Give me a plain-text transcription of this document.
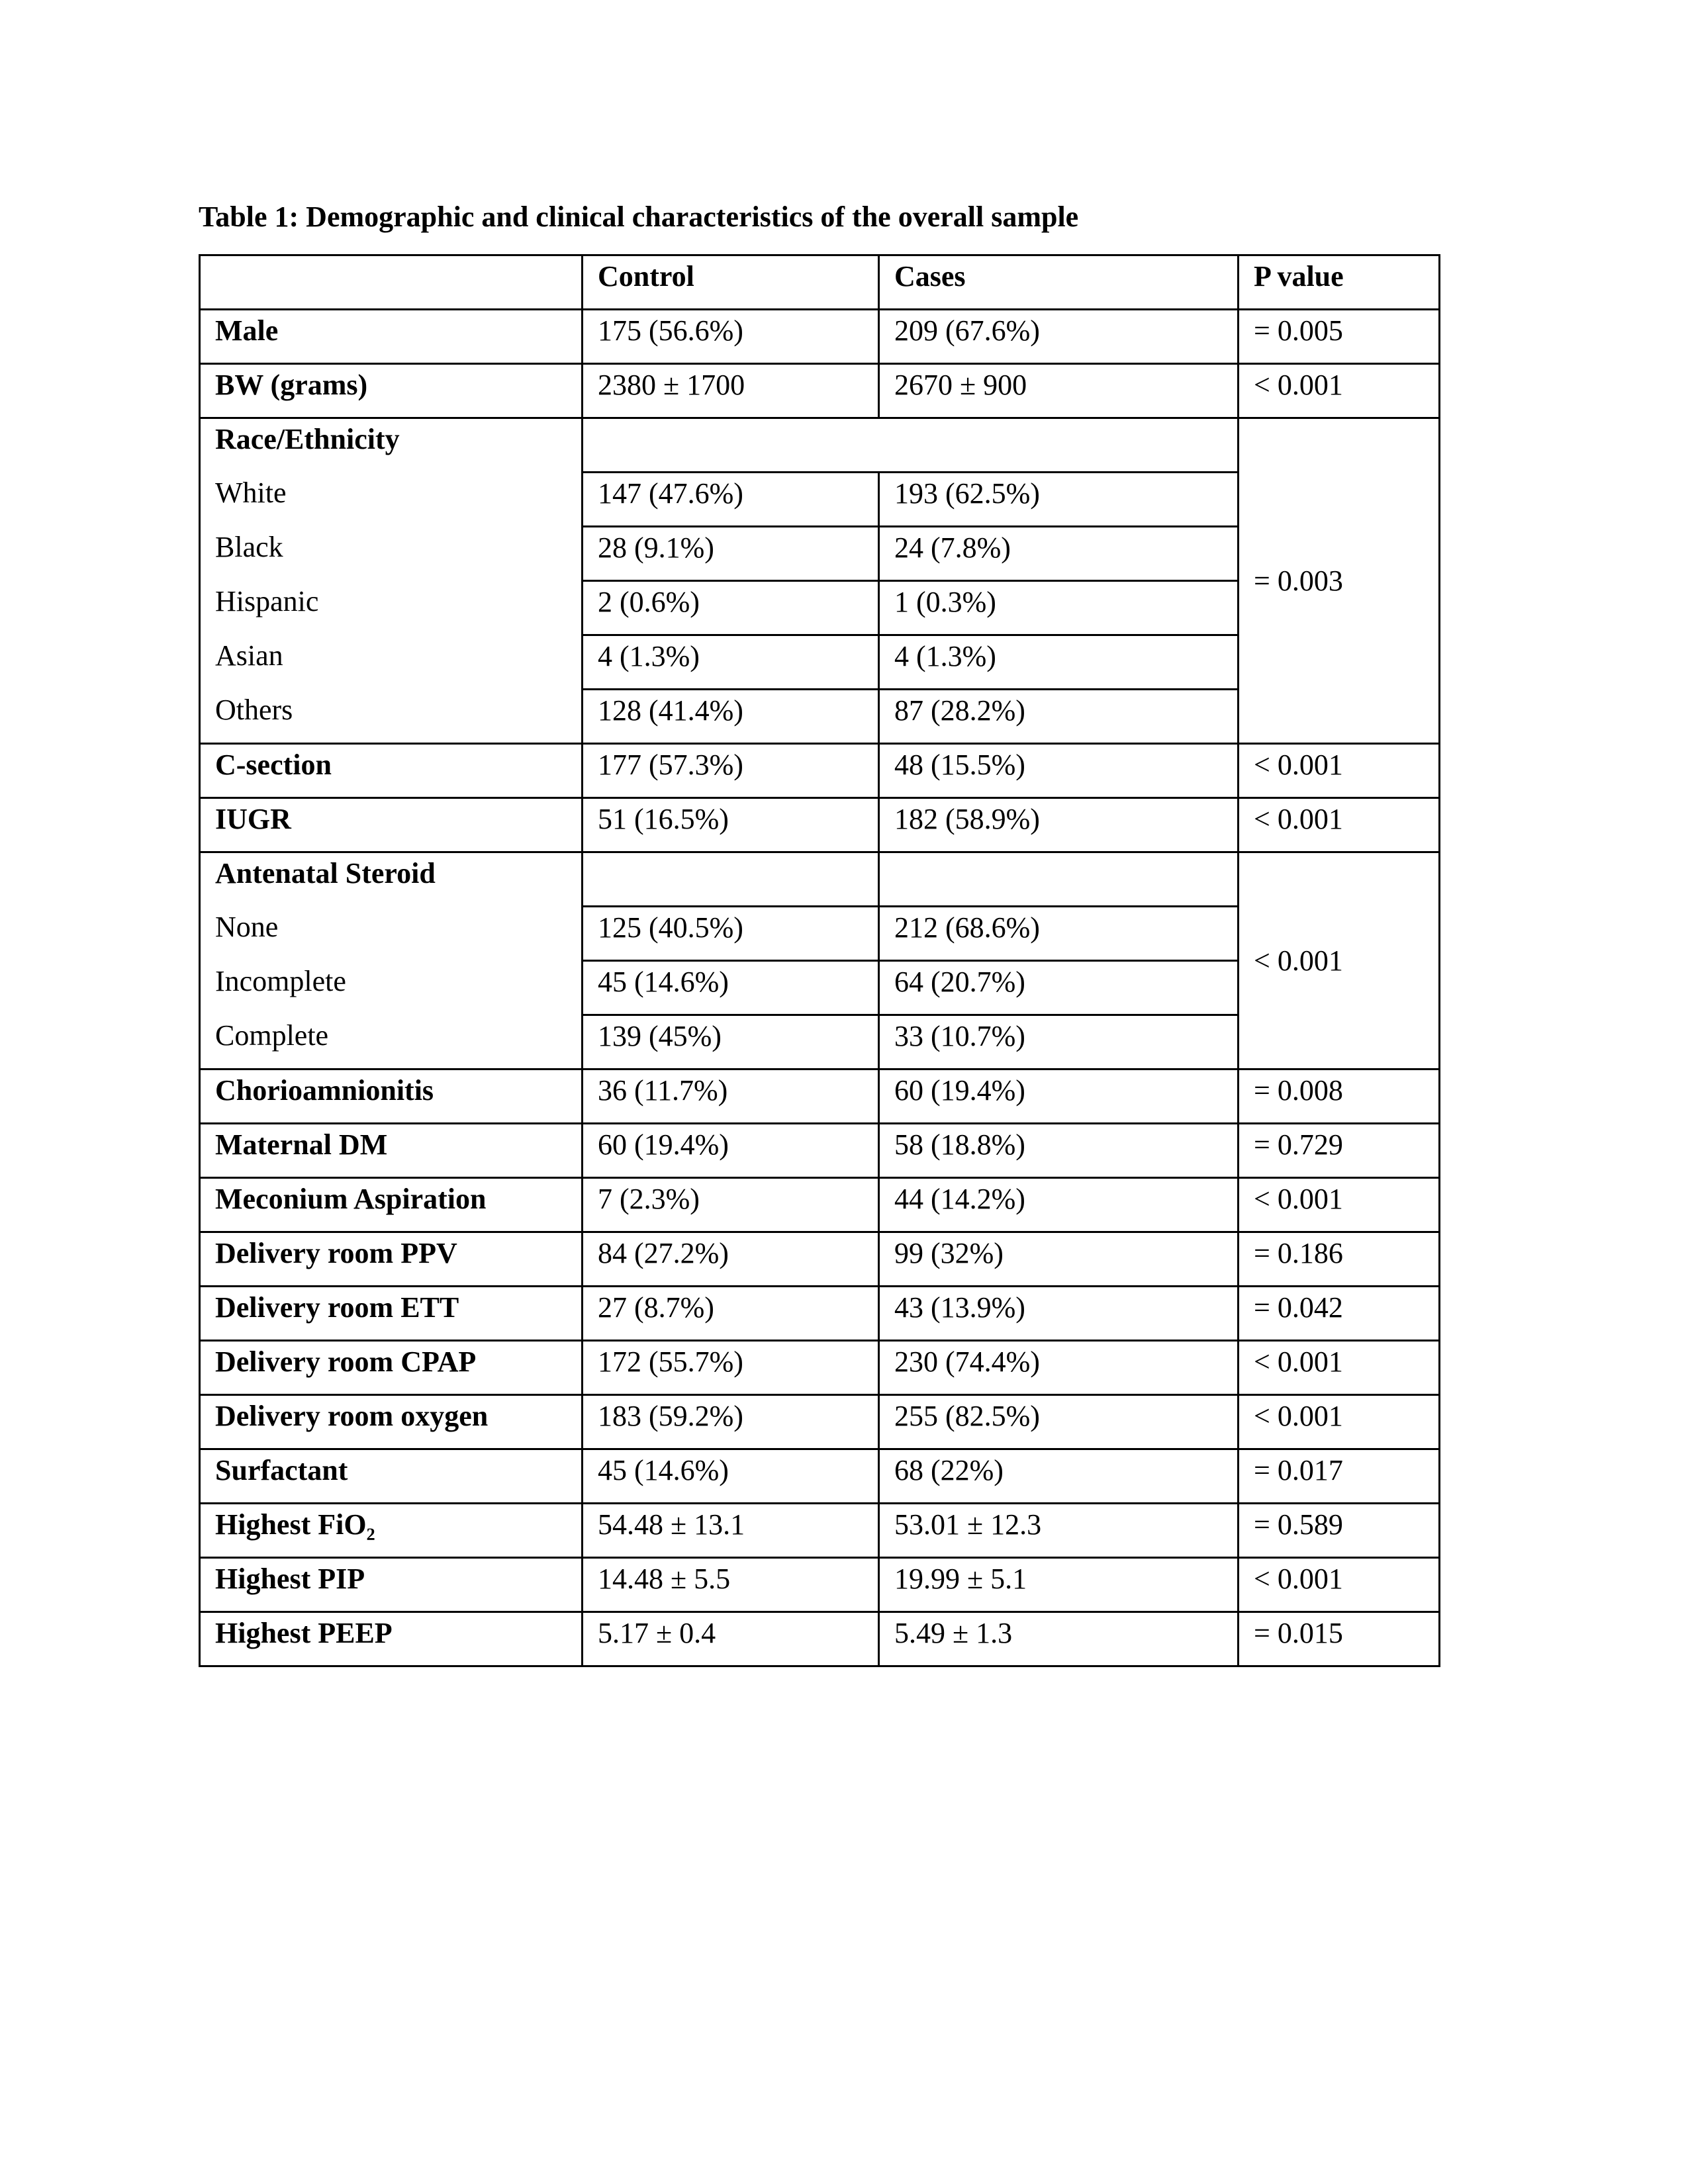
Table 1: Demographic and clinical characteristics of the overall sample
	Control	Cases	P value
Male	175 (56.6%)	209 (67.6%)	= 0.005
BW (grams)	2380 ± 1700	2670 ± 900	< 0.001
Race/Ethnicity			= 0.003
White	147 (47.6%)	193 (62.5%)	
Black	28 (9.1%)	24 (7.8%)	
Hispanic	2 (0.6%)	1 (0.3%)	
Asian	4 (1.3%)	4 (1.3%)	
Others	128 (41.4%)	87 (28.2%)	
C-section	177 (57.3%)	48 (15.5%)	< 0.001
IUGR	51 (16.5%)	182 (58.9%)	< 0.001
Antenatal Steroid			< 0.001
None	125 (40.5%)	212 (68.6%)	
Incomplete	45 (14.6%)	64 (20.7%)	
Complete	139 (45%)	33 (10.7%)	
Chorioamnionitis	36 (11.7%)	60 (19.4%)	= 0.008
Maternal DM	60 (19.4%)	58 (18.8%)	= 0.729
Meconium Aspiration	7 (2.3%)	44 (14.2%)	< 0.001
Delivery room PPV	84 (27.2%)	99 (32%)	= 0.186
Delivery room ETT	27 (8.7%)	43 (13.9%)	= 0.042
Delivery room CPAP	172 (55.7%)	230 (74.4%)	< 0.001
Delivery room oxygen	183 (59.2%)	255 (82.5%)	< 0.001
Surfactant	45 (14.6%)	68 (22%)	= 0.017
Highest FiO₂	54.48 ± 13.1	53.01 ± 12.3	= 0.589
Highest PIP	14.48 ± 5.5	19.99 ± 5.1	< 0.001
Highest PEEP	5.17 ± 0.4	5.49 ± 1.3	= 0.015
